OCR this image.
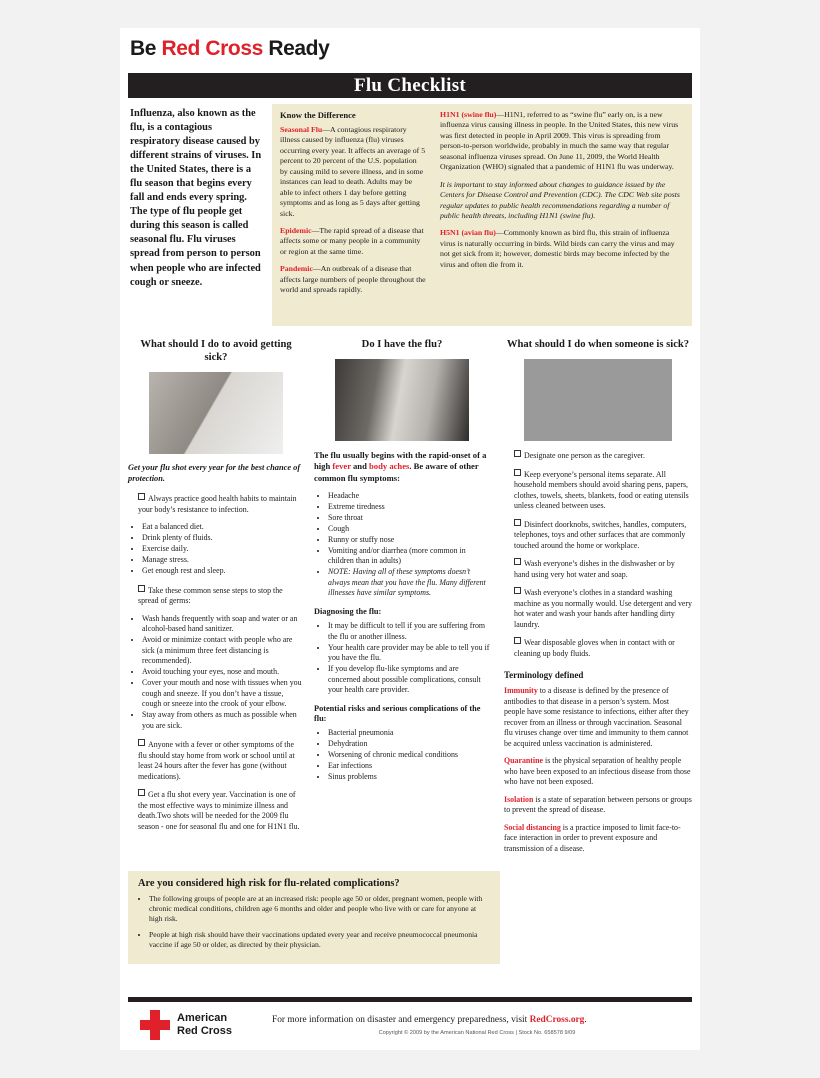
Be Red Cross Ready
Flu Checklist
Influenza, also known as the flu, is a contagious respiratory disease caused by different strains of viruses. In the United States, there is a flu season that begins every fall and ends every spring. The type of flu people get during this season is called seasonal flu. Flu viruses spread from person to person when people who are infected cough or sneeze.
Know the Difference

Seasonal Flu—A contagious respiratory illness caused by influenza (flu) viruses occurring every year. It affects an average of 5 percent to 20 percent of the U.S. population by causing mild to severe illness, and in some instances can lead to death. Adults may be able to infect others 1 day before getting symptoms and as long as 5 days after getting sick.

Epidemic—The rapid spread of a disease that affects some or many people in a community or region at the same time.

Pandemic—An outbreak of a disease that affects large numbers of people throughout the world and spreads rapidly.

H1N1 (swine flu)—H1N1, referred to as “swine flu” early on, is a new influenza virus causing illness in people. In the United States, this new virus was first detected in people in April 2009. This virus is spreading from person-to-person worldwide, probably in much the same way that regular seasonal influenza viruses spread. On June 11, 2009, the World Health Organization (WHO) signaled that a pandemic of H1N1 flu was underway.

It is important to stay informed about changes to guidance issued by the Centers for Disease Control and Prevention (CDC). The CDC Web site posts regular updates to public health recommendations regarding a number of public health threats, including H1N1 (swine flu).

H5N1 (avian flu)—Commonly known as bird flu, this strain of influenza virus is naturally occurring in birds. Wild birds can carry the virus and may not get sick from it; however, domestic birds may become infected by the virus and often die from it.

What should I do to avoid getting sick?
Get your flu shot every year for the best chance of protection.
Always practice good health habits to maintain your body’s resistance to infection.
• Eat a balanced diet.
• Drink plenty of fluids.
• Exercise daily.
• Manage stress.
• Get enough rest and sleep.
Take these common sense steps to stop the spread of germs:
• Wash hands frequently with soap and water or an alcohol-based hand sanitizer.
• Avoid or minimize contact with people who are sick (a minimum three feet distancing is recommended).
• Avoid touching your eyes, nose and mouth.
• Cover your mouth and nose with tissues when you cough and sneeze. If you don’t have a tissue, cough or sneeze into the crook of your elbow.
• Stay away from others as much as possible when you are sick.
Anyone with a fever or other symptoms of the flu should stay home from work or school until at least 24 hours after the fever has gone (without medications).
Get a flu shot every year. Vaccination is one of the most effective ways to minimize illness and death.Two shots will be needed for the 2009 flu season - one for seasonal flu and one for H1N1 flu.
Do I have the flu?
The flu usually begins with the rapid-onset of a high fever and body aches. Be aware of other common flu symptoms:
• Headache
• Extreme tiredness
• Sore throat
• Cough
• Runny or stuffy nose
• Vomiting and/or diarrhea (more common in children than in adults)
• NOTE: Having all of these symptoms doesn’t always mean that you have the flu. Many different illnesses have similar symptoms.
Diagnosing the flu:
• It may be difficult to tell if you are suffering from the flu or another illness.
• Your health care provider may be able to tell you if you have the flu.
• If you develop flu-like symptoms and are concerned about possible complications, consult your health care provider.
Potential risks and serious complications of the flu:
• Bacterial pneumonia
• Dehydration
• Worsening of chronic medical conditions
• Ear infections
• Sinus problems
What should I do when someone is sick?
Designate one person as the caregiver.
Keep everyone’s personal items separate. All household members should avoid sharing pens, papers, clothes, towels, sheets, blankets, food or eating utensils unless cleaned between uses.
Disinfect doorknobs, switches, handles, computers, telephones, toys and other surfaces that are commonly touched around the home or workplace.
Wash everyone’s dishes in the dishwasher or by hand using very hot water and soap.
Wash everyone’s clothes in a standard washing machine as you normally would. Use detergent and very hot water and wash your hands after handling dirty laundry.
Wear disposable gloves when in contact with or cleaning up body fluids.
Terminology defined

Immunity to a disease is defined by the presence of antibodies to that disease in a person’s system. Most people have some resistance to infections, either after they recover from an illness or through vaccination. Seasonal flu viruses change over time and immunity to them cannot be acquired unless vaccination is administered.

Quarantine is the physical separation of healthy people who have been exposed to an infectious disease from those who have not been exposed.

Isolation is a state of separation between persons or groups to prevent the spread of disease.

Social distancing is a practice imposed to limit face-to-face interaction in order to prevent exposure and transmission of a disease.

Are you considered high risk for flu-related complications?
• The following groups of people are at an increased risk: people age 50 or older, pregnant women, people with chronic medical conditions, children age 6 months and older and people who live with or care for anyone at high risk.
• People at high risk should have their vaccinations updated every year and receive pneumococcal pneumonia vaccine if age 50 or older, as directed by their physician.
American
Red Cross
For more information on disaster and emergency preparedness, visit RedCross.org.
Copyright © 2009 by the American National Red Cross | Stock No. 658578 9/09
